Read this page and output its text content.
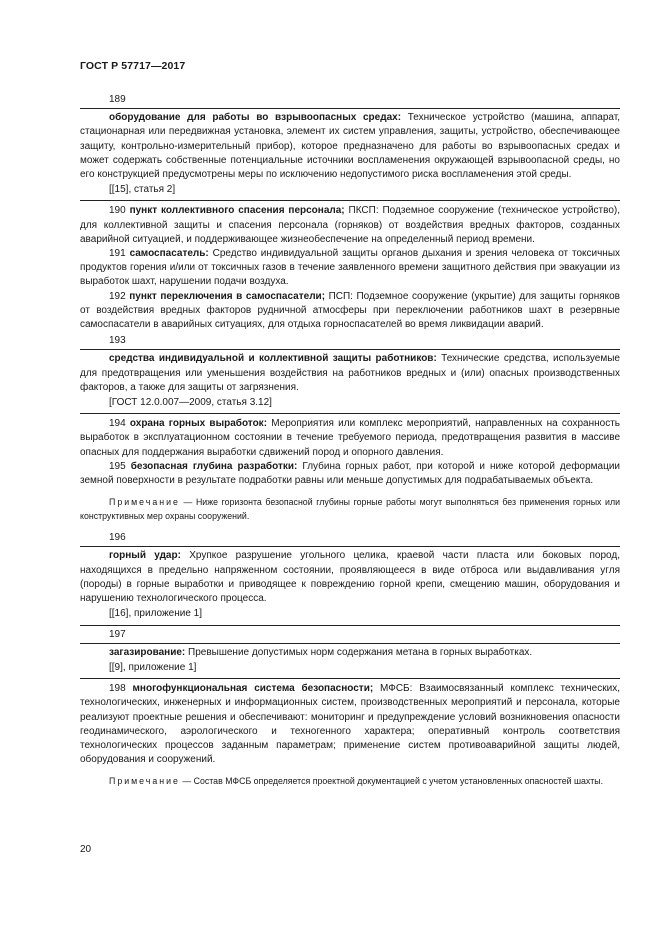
ГОСТ Р 57717—2017

189

оборудование для работы во взрывоопасных средах: Техническое устройство (машина, аппарат, стационарная или передвижная установка, элемент их систем управления, защиты, устройство, обеспечивающее защиту, контрольно-измерительный прибор), которое предназначено для работы во взрывоопасных средах и может содержать собственные потенциальные источники воспламенения окружающей взрывоопасной среды, но его конструкцией предусмотрены меры по исключению недопустимого риска воспламенения этой среды.

[[15], статья 2]

190 пункт коллективного спасения персонала; ПКСП: Подземное сооружение (техническое устройство), для коллективной защиты и спасения персонала (горняков) от воздействия вредных факторов, созданных аварийной ситуацией, и поддерживающее жизнеобеспечение на определенный период времени.

191 самоспасатель: Средство индивидуальной защиты органов дыхания и зрения человека от токсичных продуктов горения и/или от токсичных газов в течение заявленного времени защитного действия при эвакуации из выработок шахт, нарушении подачи воздуха.

192 пункт переключения в самоспасатели; ПСП: Подземное сооружение (укрытие) для защиты горняков от воздействия вредных факторов рудничной атмосферы при переключении работников шахт в резервные самоспасатели в аварийных ситуациях, для отдыха горноспасателей во время ликвидации аварий.

193

средства индивидуальной и коллективной защиты работников: Технические средства, используемые для предотвращения или уменьшения воздействия на работников вредных и (или) опасных производственных факторов, а также для защиты от загрязнения.

[ГОСТ 12.0.007—2009, статья 3.12]

194 охрана горных выработок: Мероприятия или комплекс мероприятий, направленных на сохранность выработок в эксплуатационном состоянии в течение требуемого периода, предотвращения развития в массиве опасных для поддержания выработки сдвижений пород и опорного давления.

195 безопасная глубина разработки: Глубина горных работ, при которой и ниже которой деформации земной поверхности в результате подработки равны или меньше допустимых для подрабатываемых объекта.

Примечание — Ниже горизонта безопасной глубины горные работы могут выполняться без применения горных или конструктивных мер охраны сооружений.

196

горный удар: Хрупкое разрушение угольного целика, краевой части пласта или боковых пород, находящихся в предельно напряженном состоянии, проявляющееся в виде отброса или выдавливания угля (породы) в горные выработки и приводящее к повреждению горной крепи, смещению машин, оборудования и нарушению технологического процесса.

[[16], приложение 1]

197

загазирование: Превышение допустимых норм содержания метана в горных выработках.

[[9], приложение 1]

198 многофункциональная система безопасности; МФСБ: Взаимосвязанный комплекс технических, технологических, инженерных и информационных систем, производственных мероприятий и персонала, которые реализуют проектные решения и обеспечивают: мониторинг и предупреждение условий возникновения опасности геодинамического, аэрологического и техногенного характера; оперативный контроль соответствия технологических процессов заданным параметрам; применение систем противоаварийной защиты людей, оборудования и сооружений.

Примечание — Состав МФСБ определяется проектной документацией с учетом установленных опасностей шахты.

20
